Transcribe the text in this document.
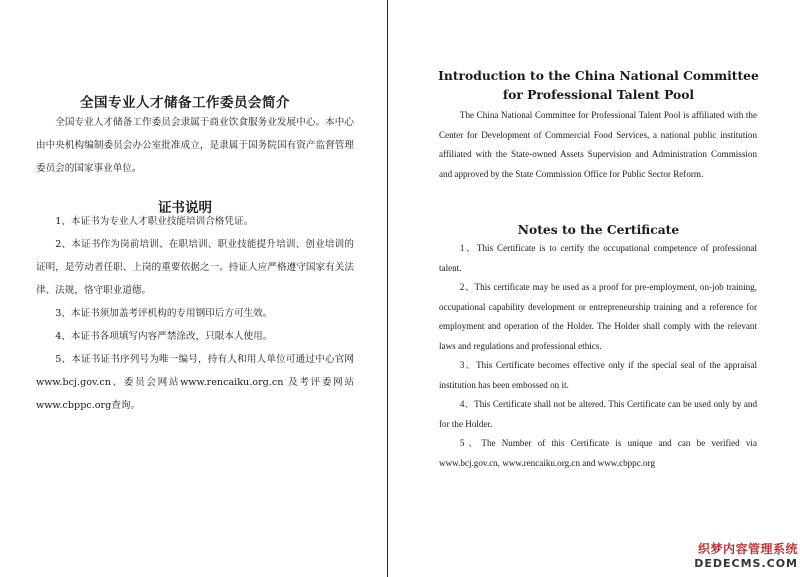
全国专业人才储备工作委员会简介

全国专业人才储备工作委员会隶属于商业饮食服务业发展中心。本中心由中央机构编制委员会办公室批准成立，是隶属于国务院国有资产监督管理委员会的国家事业单位。

证书说明

1、本证书为专业人才职业技能培训合格凭证。

2、本证书作为岗前培训、在职培训、职业技能提升培训、创业培训的证明，是劳动者任职、上岗的重要依据之一。持证人应严格遵守国家有关法律、法规，恪守职业道德。

3、本证书须加盖考评机构的专用钢印后方可生效。

4、本证书各项填写内容严禁涂改，只限本人使用。

5、本证书证书序列号为唯一编号，持有人和用人单位可通过中心官网www.bcj.gov.cn、委员会网站www.rencaiku.org.cn 及考评委网站www.cbppc.org查询。

Introduction to the China National Committee for Professional Talent Pool

The China National Committee for Professional Talent Pool is affiliated with the Center for Development of Commercial Food Services, a national public institution affiliated with the State-owned Assets Supervision and Administration Commission and approved by the State Commission Office for Public Sector Reform.

Notes to the Certificate

1、This Certificate is to certify the occupational competence of professional talent.

2、This certificate may be used as a proof for pre-employment, on-job training, occupational capability development or entrepreneurship training and a reference for employment and operation of the Holder. The Holder shall comply with the relevant laws and regulations and professional ethics.

3、This Certificate becomes effective only if the special seal of the appraisal institution has been embossed on it.

4、This Certificate shall not be altered. This Certificate can be used only by and for the Holder.

5、The Number of this Certificate is unique and can be verified via www.bcj.gov.cn, www.rencaiku.org.cn and www.cbppc.org

织梦内容管理系统
DEDECMS.COM
